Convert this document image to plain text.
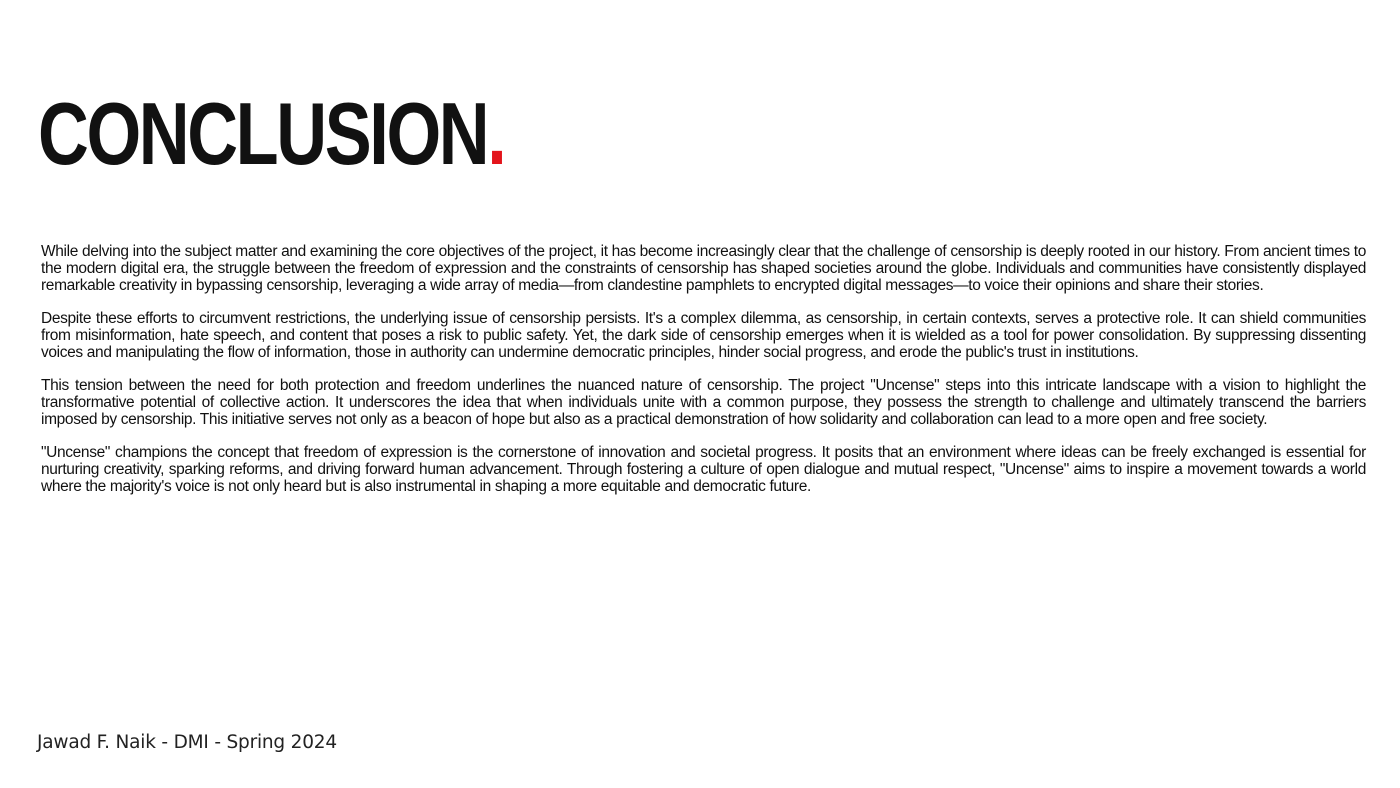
CONCLUSION.

While delving into the subject matter and examining the core objectives of the project, it has become increasingly clear that the challenge of censorship is deeply rooted in our history. From ancient times to the modern digital era, the struggle between the freedom of expression and the constraints of censorship has shaped societies around the globe. Individuals and communities have consistently displayed remarkable creativity in bypassing censorship, leveraging a wide array of media—from clandestine pamphlets to encrypted digital messages—to voice their opinions and share their stories.

Despite these efforts to circumvent restrictions, the underlying issue of censorship persists. It's a complex dilemma, as censorship, in certain contexts, serves a protective role. It can shield communities from misinformation, hate speech, and content that poses a risk to public safety. Yet, the dark side of censorship emerges when it is wielded as a tool for power consolidation. By suppressing dissenting voices and manipulating the flow of information, those in authority can undermine democratic principles, hinder social progress, and erode the public's trust in institutions.

This tension between the need for both protection and freedom underlines the nuanced nature of censorship. The project "Uncense" steps into this intricate landscape with a vision to highlight the transformative potential of collective action. It underscores the idea that when individuals unite with a common purpose, they possess the strength to challenge and ultimately transcend the barriers imposed by censorship. This initiative serves not only as a beacon of hope but also as a practical demonstration of how solidarity and collaboration can lead to a more open and free society.

"Uncense" champions the concept that freedom of expression is the cornerstone of innovation and societal progress. It posits that an environment where ideas can be freely exchanged is essential for nurturing creativity, sparking reforms, and driving forward human advancement. Through fostering a culture of open dialogue and mutual respect, "Uncense" aims to inspire a movement towards a world where the majority's voice is not only heard but is also instrumental in shaping a more equitable and democratic future.

Jawad F. Naik - DMI - Spring 2024
